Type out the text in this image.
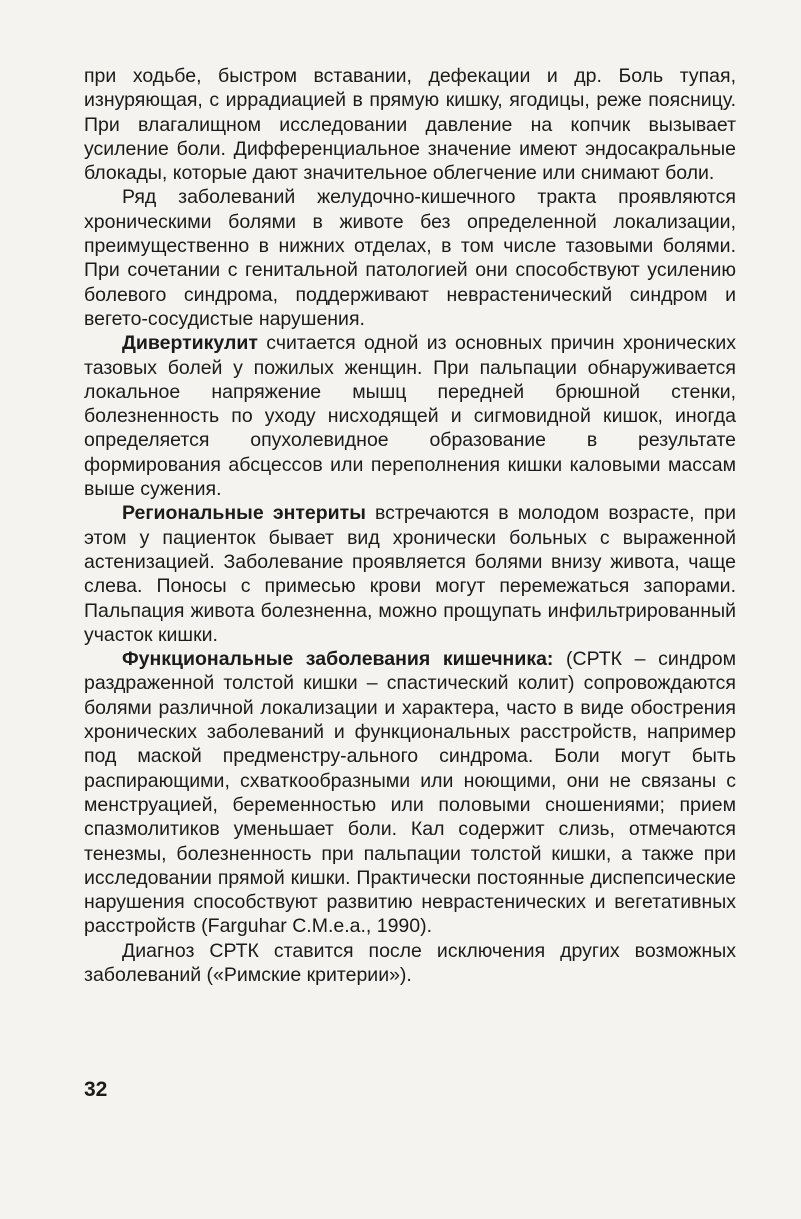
при ходьбе, быстром вставании, дефекации и др. Боль тупая, изнуряющая, с иррадиацией в прямую кишку, ягодицы, реже поясницу. При влагалищном исследовании давление на копчик вызывает усиление боли. Дифференциальное значение имеют эндосакральные блокады, которые дают значительное облегчение или снимают боли.

Ряд заболеваний желудочно-кишечного тракта проявляются хроническими болями в животе без определенной локализации, преимущественно в нижних отделах, в том числе тазовыми болями. При сочетании с генитальной патологией они способствуют усилению болевого синдрома, поддерживают неврастенический синдром и вегето-сосудистые нарушения.

Дивертикулит считается одной из основных причин хронических тазовых болей у пожилых женщин. При пальпации обнаруживается локальное напряжение мышц передней брюшной стенки, болезненность по уходу нисходящей и сигмовидной кишок, иногда определяется опухолевидное образование в результате формирования абсцессов или переполнения кишки каловыми массам выше сужения.

Региональные энтериты встречаются в молодом возрасте, при этом у пациенток бывает вид хронически больных с выраженной астенизацией. Заболевание проявляется болями внизу живота, чаще слева. Поносы с примесью крови могут перемежаться запорами. Пальпация живота болезненна, можно прощупать инфильтрированный участок кишки.

Функциональные заболевания кишечника: (СРТК – синдром раздраженной толстой кишки – спастический колит) сопровождаются болями различной локализации и характера, часто в виде обострения хронических заболеваний и функциональных расстройств, например под маской предменстру-ального синдрома. Боли могут быть распирающими, схваткообразными или ноющими, они не связаны с менструацией, беременностью или половыми сношениями; прием спазмолитиков уменьшает боли. Кал содержит слизь, отмечаются тенезмы, болезненность при пальпации толстой кишки, а также при исследовании прямой кишки. Практически постоянные диспепсические нарушения способствуют развитию неврастенических и вегетативных расстройств (Farguhar C.M.e.a., 1990).

Диагноз СРТК ставится после исключения других возможных заболеваний («Римские критерии»).

32
